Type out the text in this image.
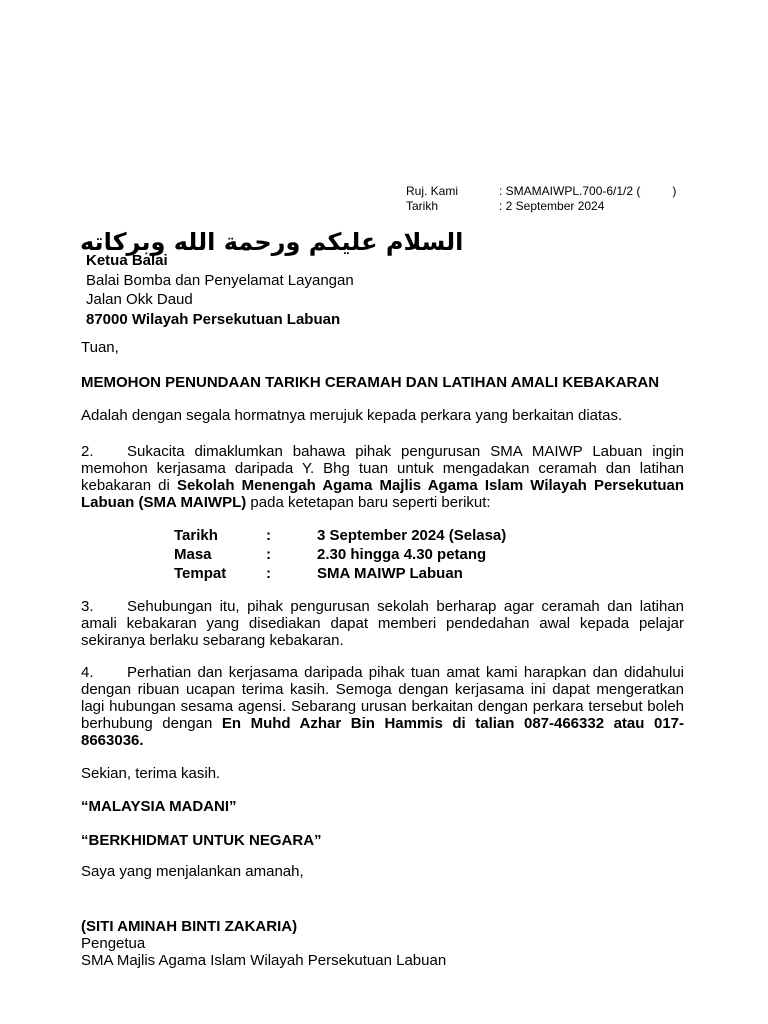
Ruj. Kami	: SMAMAIWPL.700-6/1/2 (	)
Tarikh	: 2 September 2024
السلام عليكم ورحمة الله وبركاته
Ketua Balai
Balai Bomba dan Penyelamat Layangan
Jalan Okk Daud
87000 Wilayah Persekutuan Labuan
Tuan,
MEMOHON PENUNDAAN TARIKH CERAMAH DAN LATIHAN AMALI KEBAKARAN
Adalah dengan segala hormatnya merujuk kepada perkara yang berkaitan diatas.
2. Sukacita dimaklumkan bahawa pihak pengurusan SMA MAIWP Labuan ingin memohon kerjasama daripada Y. Bhg tuan untuk mengadakan ceramah dan latihan kebakaran di Sekolah Menengah Agama Majlis Agama Islam Wilayah Persekutuan Labuan (SMA MAIWPL) pada ketetapan baru seperti berikut:
Tarikh	:	3 September 2024 (Selasa)
Masa	:	2.30 hingga 4.30 petang
Tempat	:	SMA MAIWP Labuan
3. Sehubungan itu, pihak pengurusan sekolah berharap agar ceramah dan latihan amali kebakaran yang disediakan dapat memberi pendedahan awal kepada pelajar sekiranya berlaku sebarang kebakaran.
4. Perhatian dan kerjasama daripada pihak tuan amat kami harapkan dan didahului dengan ribuan ucapan terima kasih. Semoga dengan kerjasama ini dapat mengeratkan lagi hubungan sesama agensi. Sebarang urusan berkaitan dengan perkara tersebut boleh berhubung dengan En Muhd Azhar Bin Hammis di talian 087-466332 atau 017-8663036.
Sekian, terima kasih.
“MALAYSIA MADANI”
“BERKHIDMAT UNTUK NEGARA”
Saya yang menjalankan amanah,
(SITI AMINAH BINTI ZAKARIA)
Pengetua
SMA Majlis Agama Islam Wilayah Persekutuan Labuan
